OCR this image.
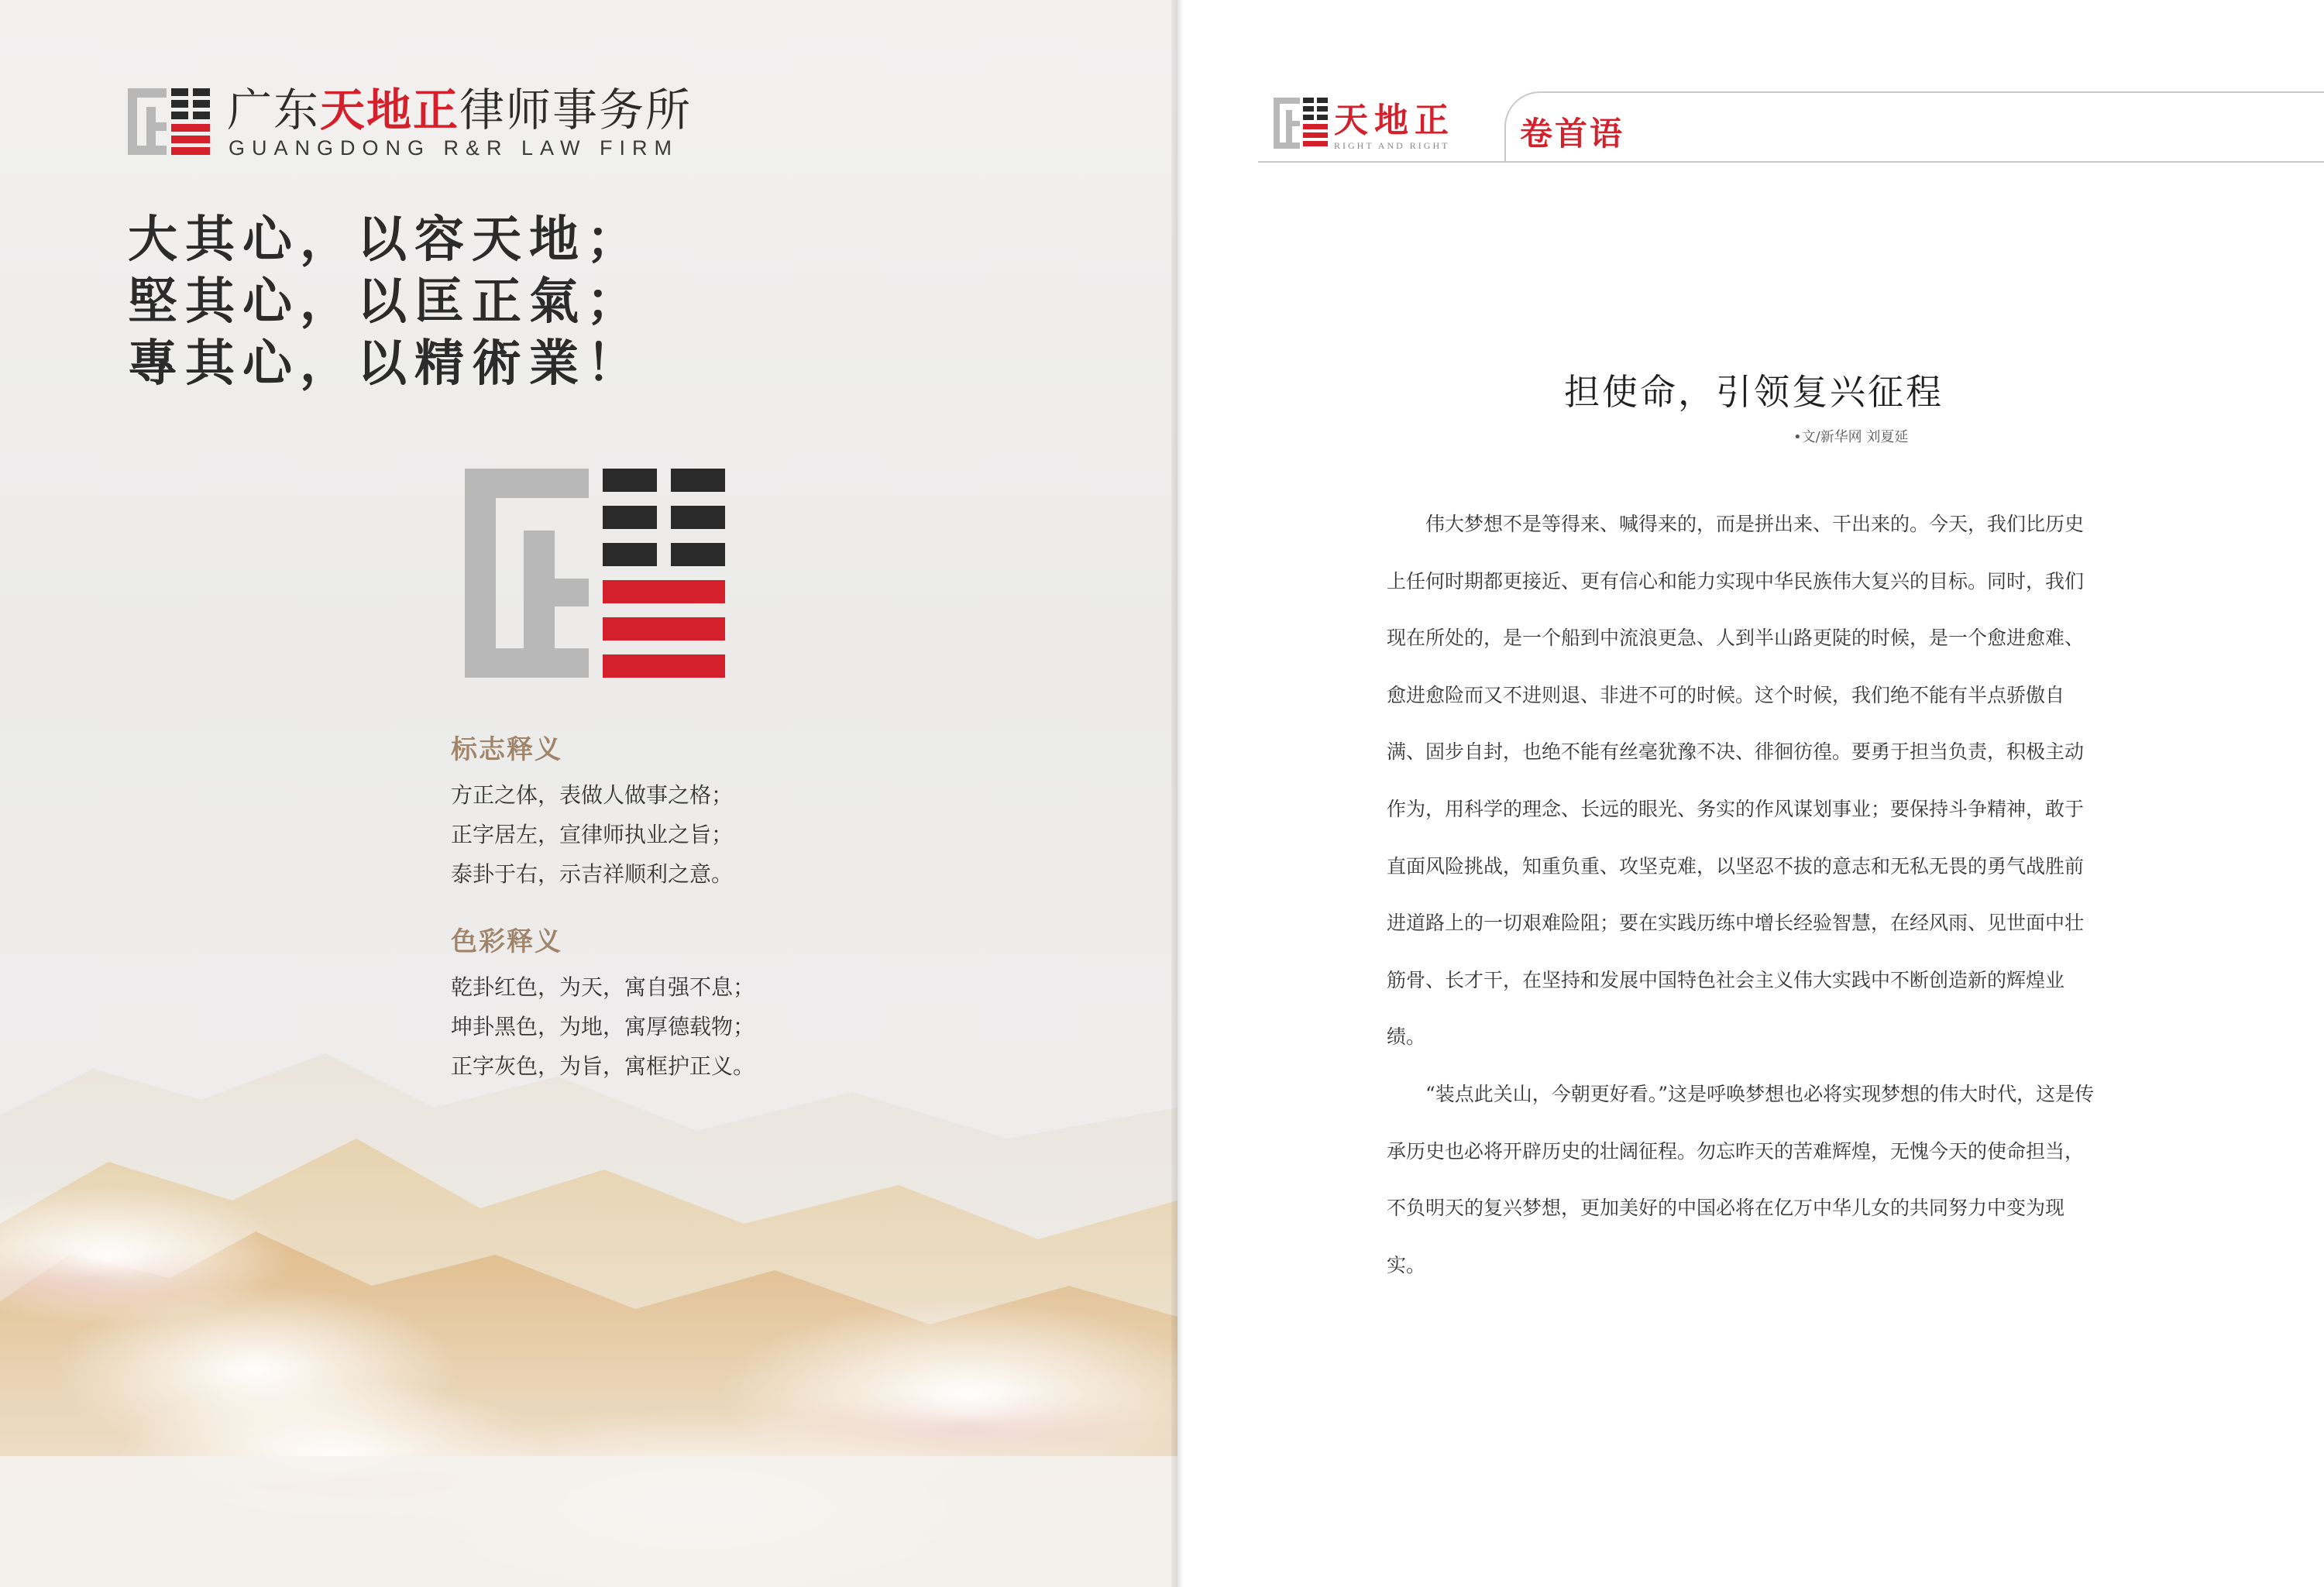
广东天地正律师事务所
GUANGDONG R&R LAW FIRM
大其心，以容天地；
堅其心，以匡正氣；
專其心，以精術業！
标志释义

方正之体，表做人做事之格；

正字居左，宣律师执业之旨；

泰卦于右，示吉祥顺利之意。

色彩释义

乾卦红色，为天，寓自强不息；

坤卦黑色，为地，寓厚德载物；

正字灰色，为旨，寓框护正义。

天地正
RIGHT AND RIGHT 卷首语
担使命，引领复兴征程
•文/新华网 刘夏延

伟大梦想不是等得来、喊得来的，而是拼出来、干出来的。今天，我们比历史上任何时期都更接近、更有信心和能力实现中华民族伟大复兴的目标。同时，我们现在所处的，是一个船到中流浪更急、人到半山路更陡的时候，是一个愈进愈难、愈进愈险而又不进则退、非进不可的时候。这个时候，我们绝不能有半点骄傲自满、固步自封，也绝不能有丝毫犹豫不决、徘徊彷徨。要勇于担当负责，积极主动作为，用科学的理念、长远的眼光、务实的作风谋划事业；要保持斗争精神，敢于直面风险挑战，知重负重、攻坚克难，以坚忍不拔的意志和无私无畏的勇气战胜前进道路上的一切艰难险阻；要在实践历练中增长经验智慧，在经风雨、见世面中壮筋骨、长才干，在坚持和发展中国特色社会主义伟大实践中不断创造新的辉煌业绩。

“装点此关山，今朝更好看。”这是呼唤梦想也必将实现梦想的伟大时代，这是传承历史也必将开辟历史的壮阔征程。勿忘昨天的苦难辉煌，无愧今天的使命担当，不负明天的复兴梦想，更加美好的中国必将在亿万中华儿女的共同努力中变为现实。
